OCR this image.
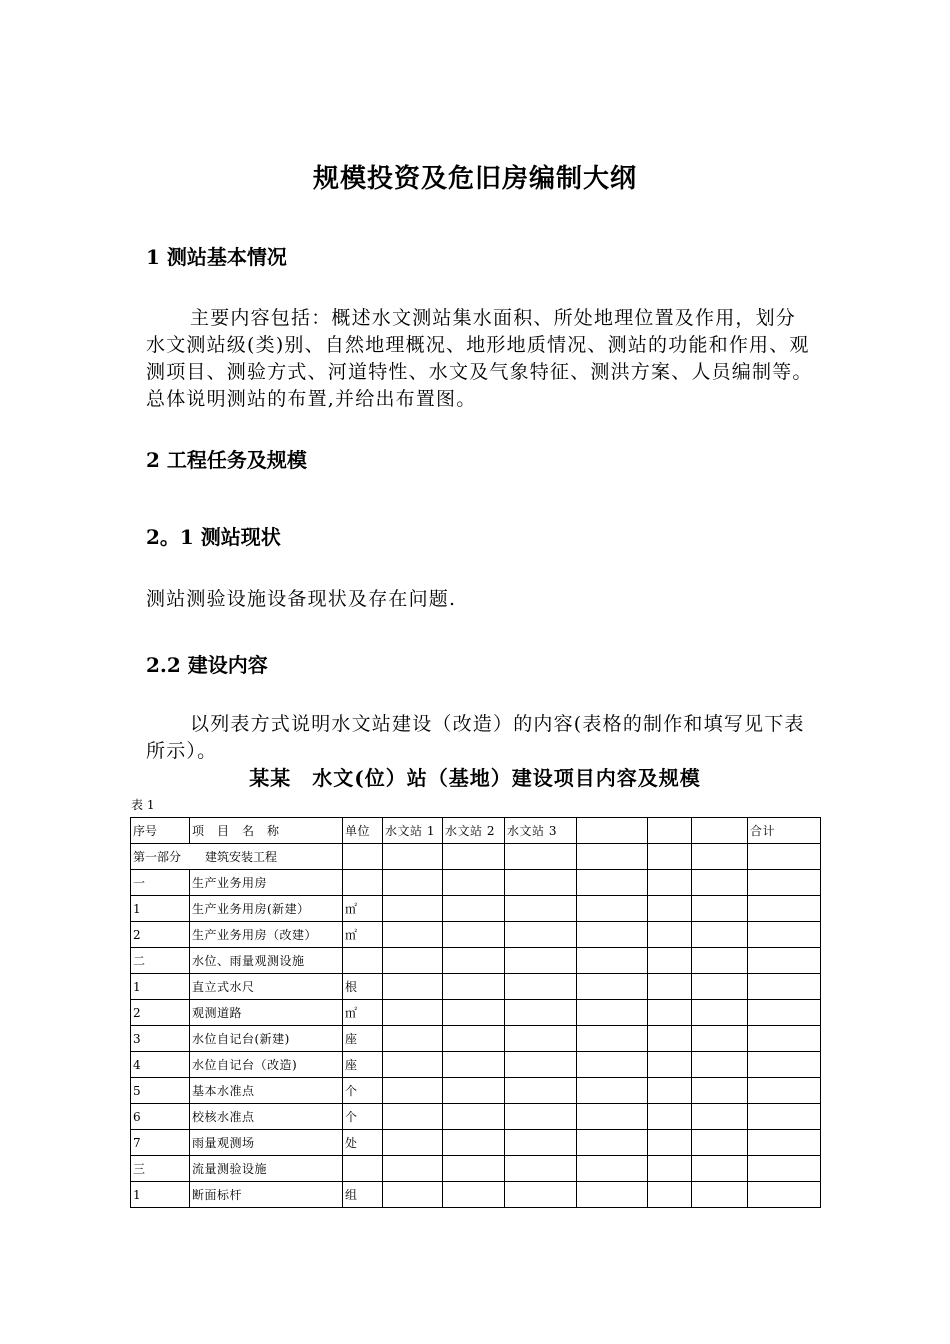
规模投资及危旧房编制大纲
1 测站基本情况
主要内容包括：概述水文测站集水面积、所处地理位置及作用，划分水文测站级(类)别、自然地理概况、地形地质情况、测站的功能和作用、观测项目、测验方式、河道特性、水文及气象特征、测洪方案、人员编制等。总体说明测站的布置,并给出布置图。
2 工程任务及规模
2。1 测站现状
测站测验设施设备现状及存在问题.
2.2 建设内容
以列表方式说明水文站建设（改造）的内容(表格的制作和填写见下表所示）。
某某　水文(位）站（基地）建设项目内容及规模
表 1
序号	项　目　名　称	单位	水文站 1	水文站 2	水文站 3				合计
第一部分　　建筑安装工程									
一	生产业务用房								
1	生产业务用房(新建）	㎡							
2	生产业务用房（改建）	㎡							
二	水位、雨量观测设施								
1	直立式水尺	根							
2	观测道路	㎡							
3	水位自记台(新建)	座							
4	水位自记台（改造)	座							
5	基本水准点	个							
6	校核水准点	个							
7	雨量观测场	处							
三	流量测验设施								
1	断面标杆	组							
